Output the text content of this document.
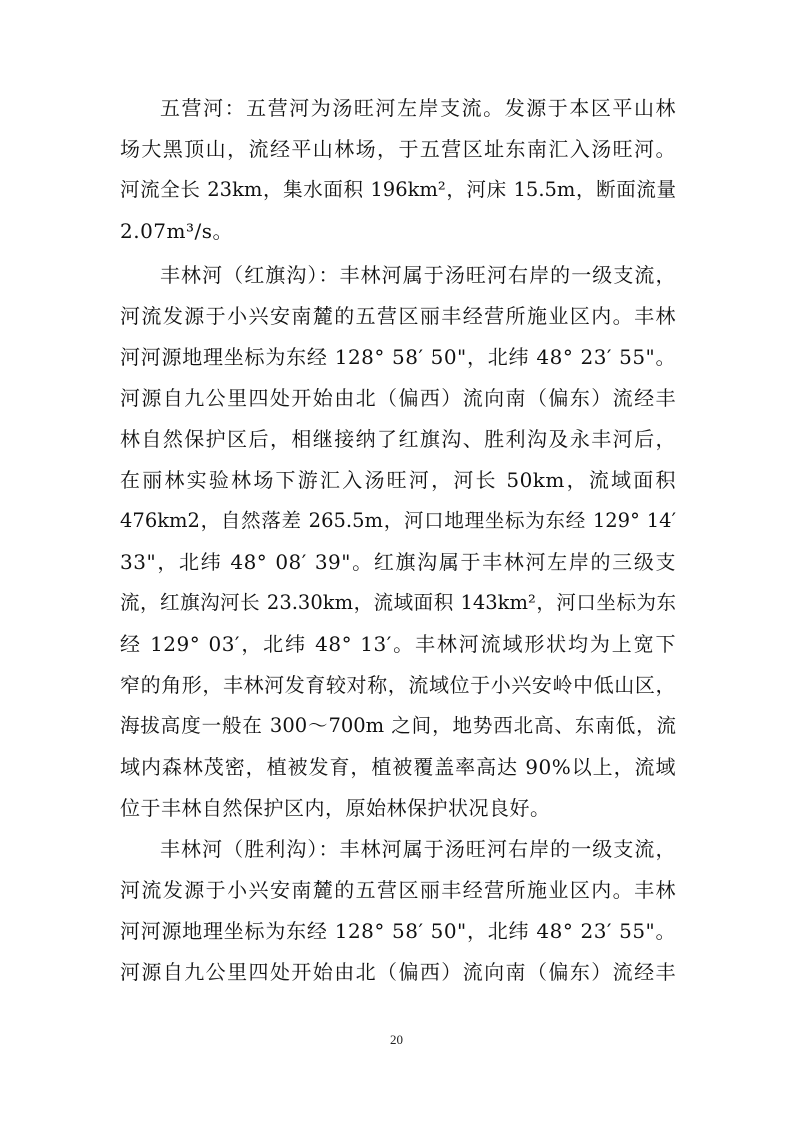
五营河：五营河为汤旺河左岸支流。发源于本区平山林
场大黑顶山，流经平山林场，于五营区址东南汇入汤旺河。
河流全长 23km，集水面积 196km²，河床 15.5m，断面流量
2.07m³/s。
丰林河（红旗沟）：丰林河属于汤旺河右岸的一级支流，
河流发源于小兴安南麓的五营区丽丰经营所施业区内。丰林
河河源地理坐标为东经 128° 58′ 50"，北纬 48° 23′ 55"。
河源自九公里四处开始由北（偏西）流向南（偏东）流经丰
林自然保护区后，相继接纳了红旗沟、胜利沟及永丰河后，
在丽林实验林场下游汇入汤旺河，河长 50km，流域面积
476km2，自然落差 265.5m，河口地理坐标为东经 129° 14′
33"，北纬 48° 08′ 39"。红旗沟属于丰林河左岸的三级支
流，红旗沟河长 23.30km，流域面积 143km²，河口坐标为东
经 129° 03′，北纬 48° 13′。丰林河流域形状均为上宽下
窄的角形，丰林河发育较对称，流域位于小兴安岭中低山区，
海拔高度一般在 300～700m 之间，地势西北高、东南低，流
域内森林茂密，植被发育，植被覆盖率高达 90%以上，流域
位于丰林自然保护区内，原始林保护状况良好。
丰林河（胜利沟）：丰林河属于汤旺河右岸的一级支流，
河流发源于小兴安南麓的五营区丽丰经营所施业区内。丰林
河河源地理坐标为东经 128° 58′ 50"，北纬 48° 23′ 55"。
河源自九公里四处开始由北（偏西）流向南（偏东）流经丰
20
